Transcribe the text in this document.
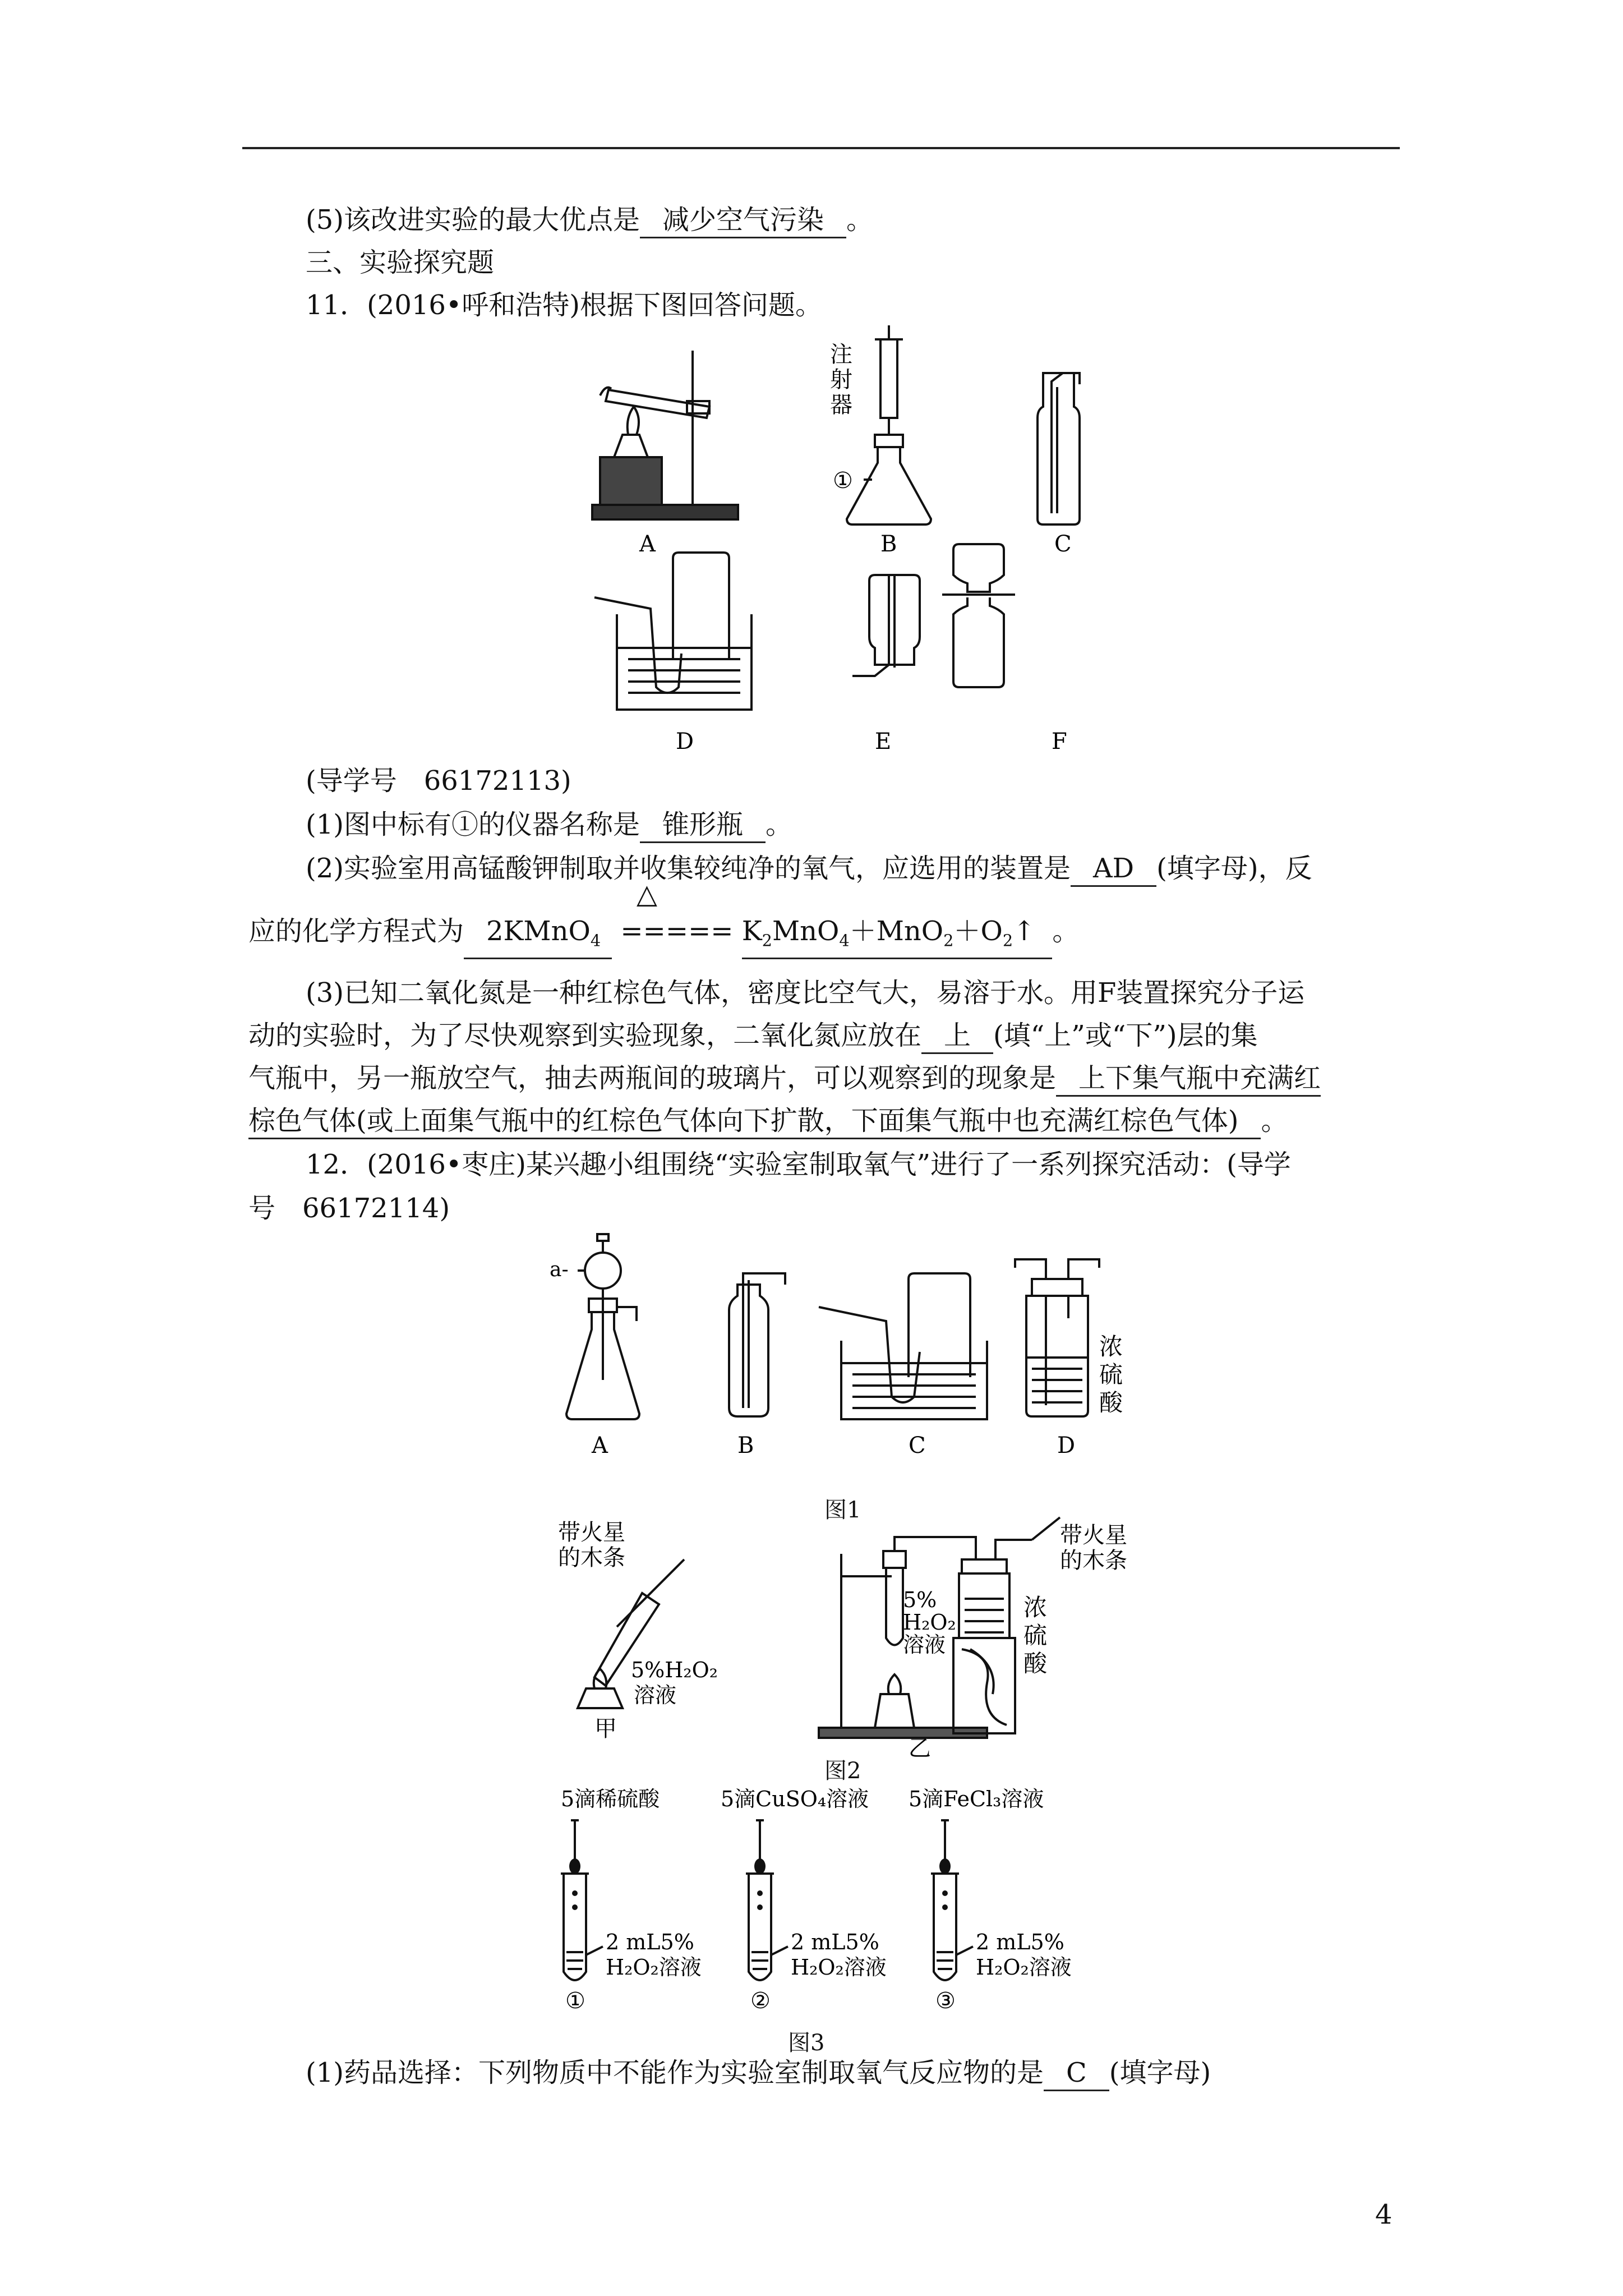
(5)该改进实验的最大优点是 减少空气污染 。
三、实验探究题
11．(2016•呼和浩特)根据下图回答问题。
A	B	C
D	E	F
注
射
器
①
(导学号　66172113)
(1)图中标有①的仪器名称是 锥形瓶 。
(2)实验室用高锰酸钾制取并收集较纯净的氧气，应选用的装置是 AD (填字母)，反
△
应的化学方程式为 2KMnO$_4$ ===== $K_2MnO_4+MnO_2+O_2↑$ 。
(3)已知二氧化氮是一种红棕色气体，密度比空气大，易溶于水。用F装置探究分子运
动的实验时，为了尽快观察到实验现象，二氧化氮应放在 上 (填“上”或“下”)层的集
气瓶中，另一瓶放空气，抽去两瓶间的玻璃片，可以观察到的现象是 上下集气瓶中充满红
棕色气体(或上面集气瓶中的红棕色气体向下扩散，下面集气瓶中也充满红棕色气体) 。
12．(2016•枣庄)某兴趣小组围绕“实验室制取氧气”进行了一系列探究活动：(导学
号　66172114)
a-
A	B	C	D
浓
硫
酸
图1
带火星
的木条
5%H₂O₂
溶液
甲
5%
H₂O₂
溶液
浓
硫
酸
带火星
的木条
乙
图2
5滴稀硫酸
2 mL5%
H₂O₂溶液
①
5滴CuSO₄溶液
2 mL5%
H₂O₂溶液
②
5滴FeCl₃溶液
2 mL5%
H₂O₂溶液
③
图3
(1)药品选择：下列物质中不能作为实验室制取氧气反应物的是 C (填字母)
4
